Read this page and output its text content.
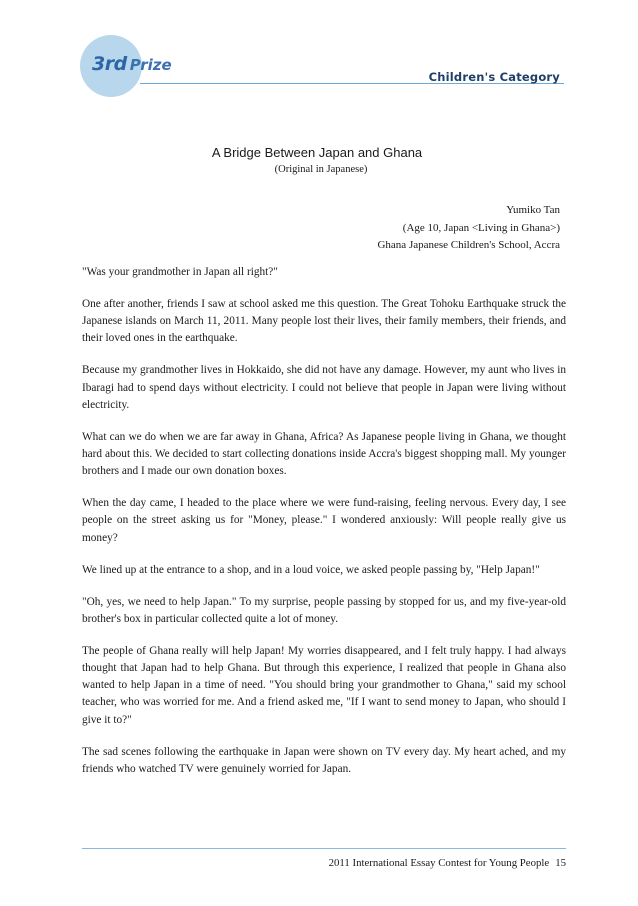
3rd Prize
Children's Category
A Bridge Between Japan and Ghana
(Original in Japanese)
Yumiko Tan
(Age 10, Japan <Living in Ghana>)
Ghana Japanese Children's School, Accra

"Was your grandmother in Japan all right?"

One after another, friends I saw at school asked me this question. The Great Tohoku Earthquake struck the Japanese islands on March 11, 2011. Many people lost their lives, their family members, their friends, and their loved ones in the earthquake.

Because my grandmother lives in Hokkaido, she did not have any damage. However, my aunt who lives in Ibaragi had to spend days without electricity. I could not believe that people in Japan were living without electricity.

What can we do when we are far away in Ghana, Africa? As Japanese people living in Ghana, we thought hard about this. We decided to start collecting donations inside Accra's biggest shopping mall. My younger brothers and I made our own donation boxes.

When the day came, I headed to the place where we were fund-raising, feeling nervous. Every day, I see people on the street asking us for "Money, please." I wondered anxiously: Will people really give us money?

We lined up at the entrance to a shop, and in a loud voice, we asked people passing by, "Help Japan!"

"Oh, yes, we need to help Japan." To my surprise, people passing by stopped for us, and my five-year-old brother's box in particular collected quite a lot of money.

The people of Ghana really will help Japan! My worries disappeared, and I felt truly happy. I had always thought that Japan had to help Ghana. But through this experience, I realized that people in Ghana also wanted to help Japan in a time of need. "You should bring your grandmother to Ghana," said my school teacher, who was worried for me. And a friend asked me, "If I want to send money to Japan, who should I give it to?"

The sad scenes following the earthquake in Japan were shown on TV every day. My heart ached, and my friends who watched TV were genuinely worried for Japan.

2011 International Essay Contest for Young People 15
